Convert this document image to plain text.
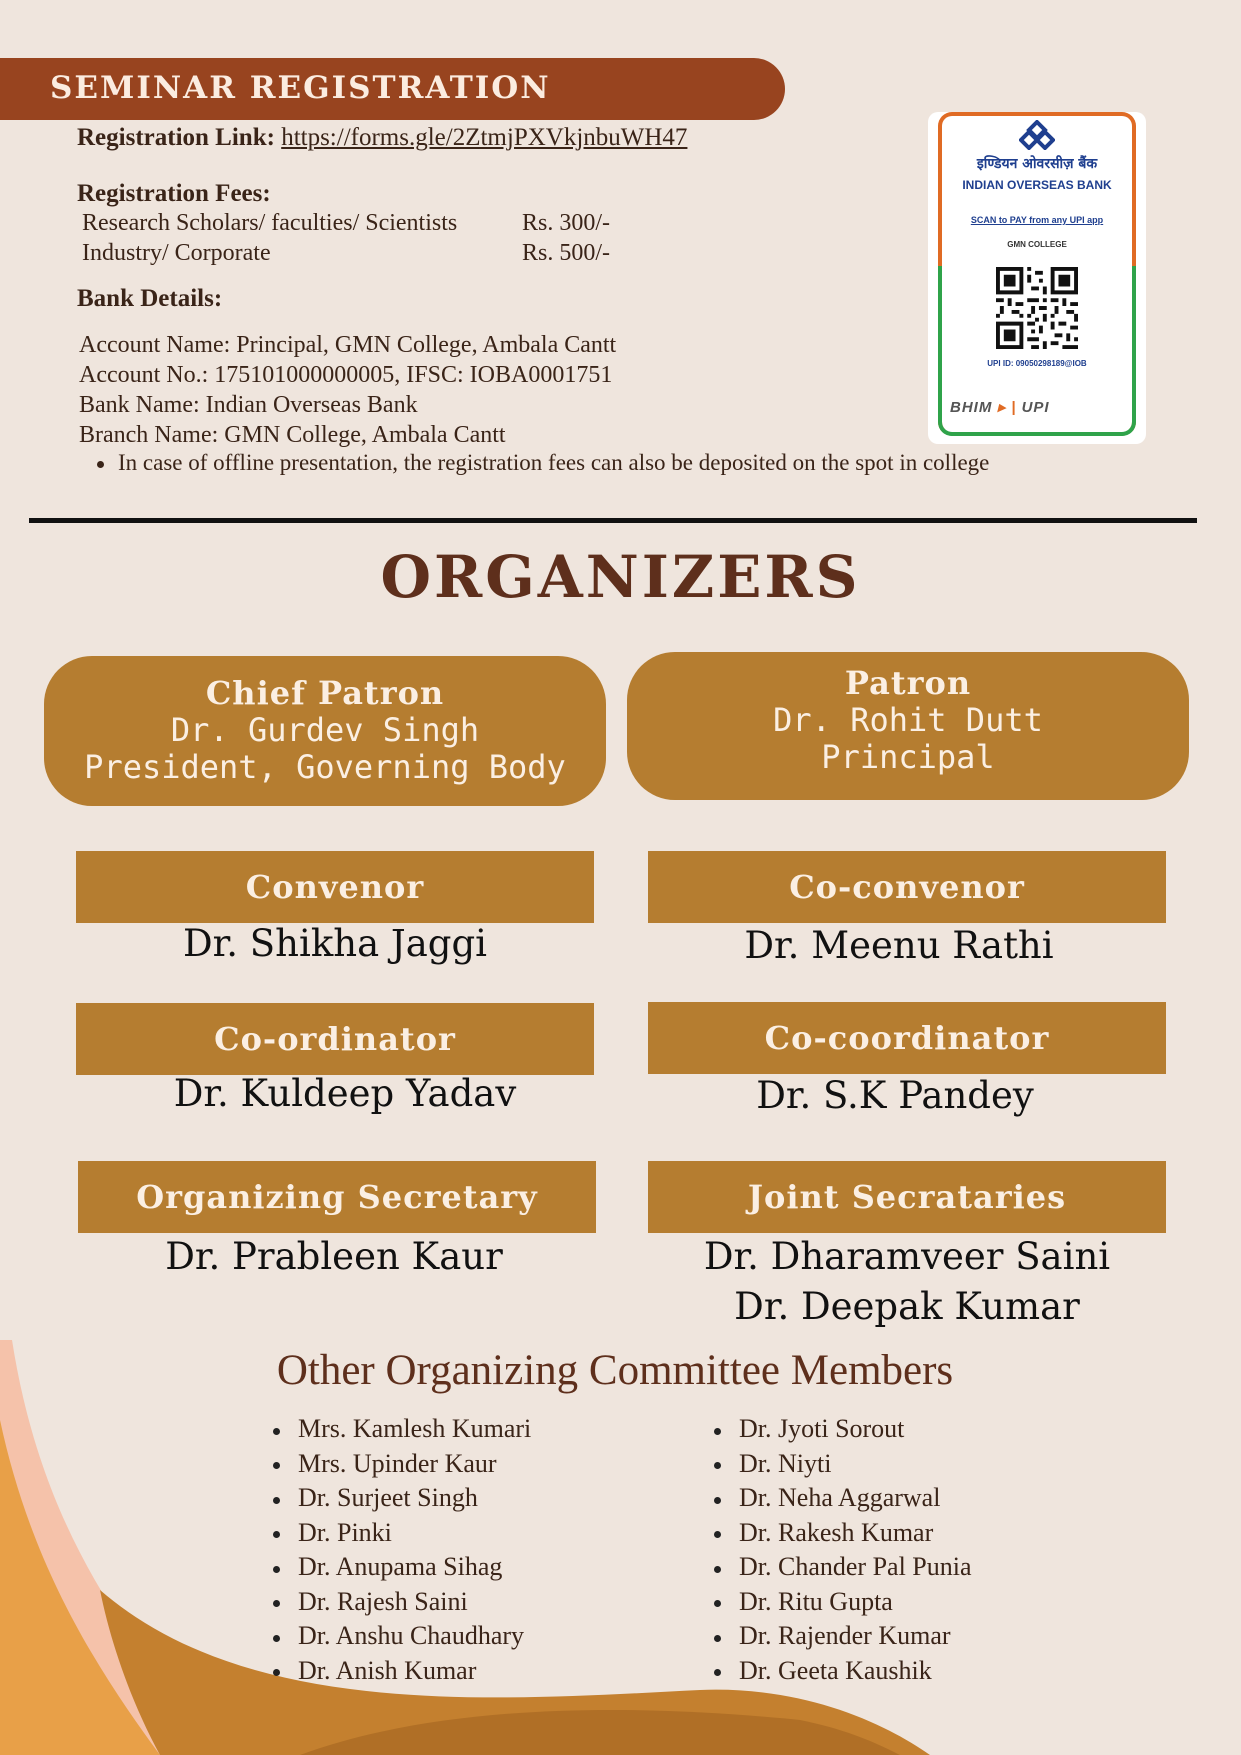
SEMINAR REGISTRATION
Registration Link: https://forms.gle/2ZtmjPXVkjnbuWH47
Registration Fees:
Research Scholars/ faculties/ Scientists	Rs. 300/-
Industry/ Corporate	Rs. 500/-
Bank Details:
Account Name: Principal, GMN College, Ambala Cantt
Account No.: 175101000000005, IFSC: IOBA0001751
Bank Name: Indian Overseas Bank
Branch Name: GMN College, Ambala Cantt
In case of offline presentation, the registration fees can also be deposited on the spot in college
इण्डियन ओवरसीज़ बैंक
INDIAN OVERSEAS BANK
SCAN to PAY from any UPI app
GMN COLLEGE
UPI ID: 09050298189@IOB
BHIM ▸ | UPI
ORGANIZERS
Chief Patron
Dr. Gurdev Singh
President, Governing Body
Patron
Dr. Rohit Dutt
Principal
Convenor
Dr. Shikha Jaggi
Co-convenor
Dr. Meenu Rathi
Co-ordinator
Dr. Kuldeep Yadav
Co-coordinator
Dr. S.K Pandey
Organizing Secretary
Dr. Prableen Kaur
Joint Secrataries
Dr. Dharamveer Saini
Dr. Deepak Kumar
Other Organizing Committee Members
Mrs. Kamlesh Kumari
Mrs. Upinder Kaur
Dr. Surjeet Singh
Dr. Pinki
Dr. Anupama Sihag
Dr. Rajesh Saini
Dr. Anshu Chaudhary
Dr. Anish Kumar
Dr. Jyoti Sorout
Dr. Niyti
Dr. Neha Aggarwal
Dr. Rakesh Kumar
Dr. Chander Pal Punia
Dr. Ritu Gupta
Dr. Rajender Kumar
Dr. Geeta Kaushik
